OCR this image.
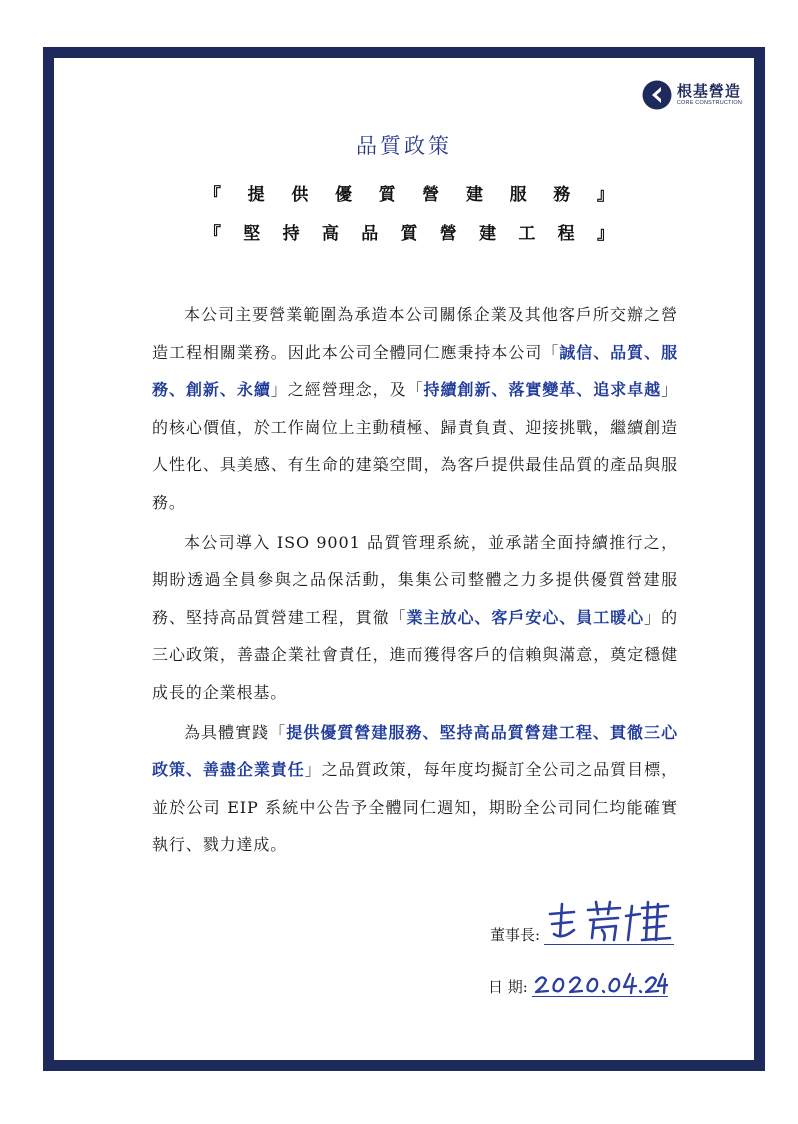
根基營造
CORE CONSTRUCTION
品質政策
『 提 供 優 質 營 建 服 務 』
『 堅 持 高 品 質 營 建 工 程 』

本公司主要營業範圍為承造本公司關係企業及其他客戶所交辦之營造工程相關業務。因此本公司全體同仁應秉持本公司「誠信、品質、服務、創新、永續」之經營理念，及「持續創新、落實變革、追求卓越」的核心價值，於工作崗位上主動積極、歸責負責、迎接挑戰，繼續創造人性化、具美感、有生命的建築空間，為客戶提供最佳品質的產品與服務。

本公司導入 ISO 9001 品質管理系統，並承諾全面持續推行之，期盼透過全員參與之品保活動，集集公司整體之力多提供優質營建服務、堅持高品質營建工程，貫徹「業主放心、客戶安心、員工暖心」的三心政策，善盡企業社會責任，進而獲得客戶的信賴與滿意，奠定穩健成長的企業根基。

為具體實踐「提供優質營建服務、堅持高品質營建工程、貫徹三心政策、善盡企業責任」之品質政策，每年度均擬訂全公司之品質目標，並於公司 EIP 系統中公告予全體同仁週知，期盼全公司同仁均能確實執行、戮力達成。

董事長:
日 期:
